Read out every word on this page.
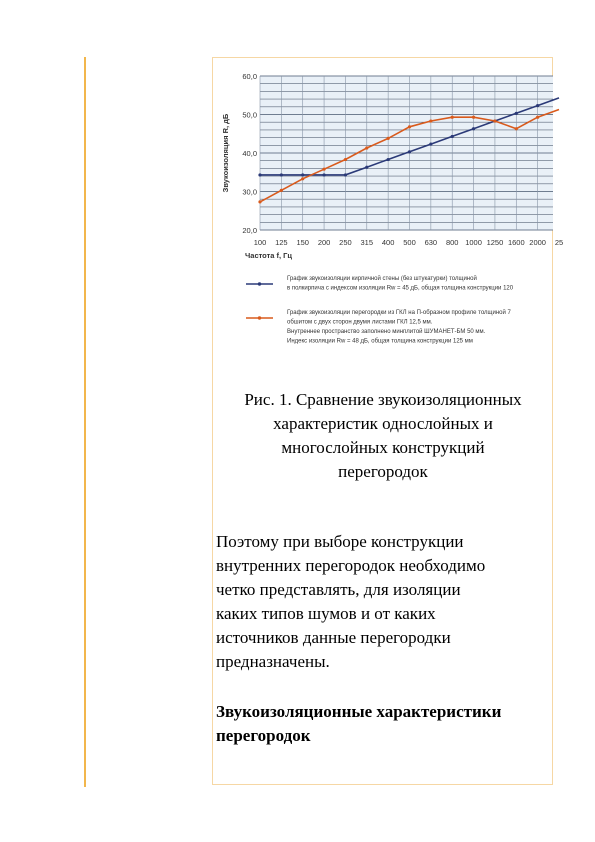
60,0
50,0
40,0
30,0
20,0
100 125 150 200 250 315 400 500 630 800 1000 1250 1600 2000 25
Частота f, Гц
Звукоизоляция R, дБ
График звукоизоляции кирпичной стены (без штукатурки) толщиной
в полкирпича с индексом изоляции Rw = 45 дБ, общая толщина конструкции 120
График звукоизоляции перегородки из ГКЛ на П-образном профиле толщиной 7
обшитом с двух сторон двумя листами ГКЛ 12,5 мм.
Внутреннее пространство заполнено минплитой ШУМАНЕТ-БМ 50 мм.
Индекс изоляции Rw = 48 дБ, общая толщина конструкции 125 мм
Рис. 1. Сравнение звукоизоляционных
характеристик однослойных и
многослойных конструкций
перегородок
Поэтому при выборе конструкции
внутренних перегородок необходимо
четко представлять, для изоляции
каких типов шумов и от каких
источников данные перегородки
предназначены.
Звукоизоляционные характеристики
перегородок
